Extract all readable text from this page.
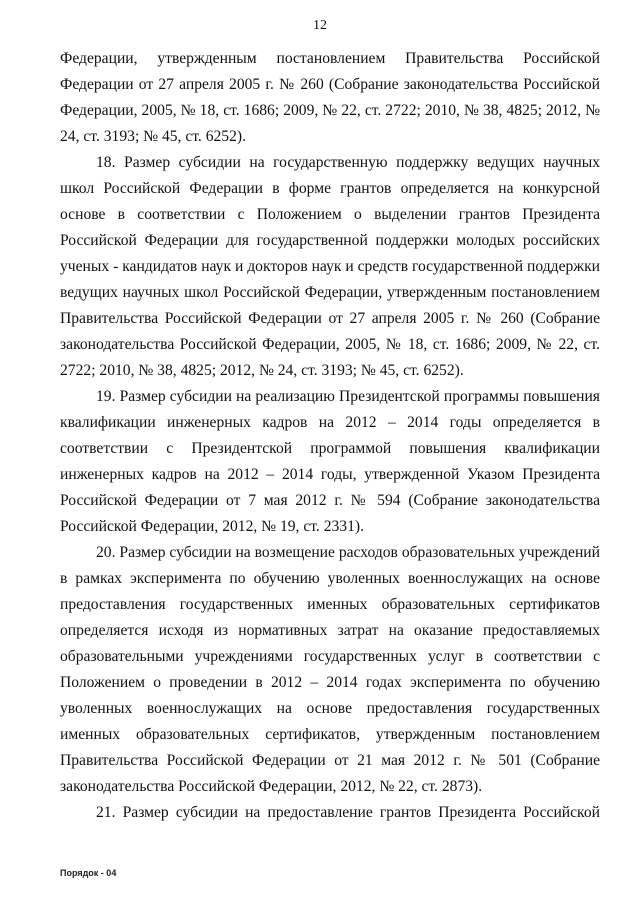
12

Федерации, утвержденным постановлением Правительства Российской Федерации от 27 апреля 2005 г. № 260 (Собрание законодательства Российской Федерации, 2005, № 18, ст. 1686; 2009, № 22, ст. 2722; 2010, № 38, 4825; 2012, № 24, ст. 3193; № 45, ст. 6252).

18. Размер субсидии на государственную поддержку ведущих научных школ Российской Федерации в форме грантов определяется на конкурсной основе в соответствии с Положением о выделении грантов Президента Российской Федерации для государственной поддержки молодых российских ученых - кандидатов наук и докторов наук и средств государственной поддержки ведущих научных школ Российской Федерации, утвержденным постановлением Правительства Российской Федерации от 27 апреля 2005 г. № 260 (Собрание законодательства Российской Федерации, 2005, № 18, ст. 1686; 2009, № 22, ст. 2722; 2010, № 38, 4825; 2012, № 24, ст. 3193; № 45, ст. 6252).

19. Размер субсидии на реализацию Президентской программы повышения квалификации инженерных кадров на 2012 – 2014 годы определяется в соответствии с Президентской программой повышения квалификации инженерных кадров на 2012 – 2014 годы, утвержденной Указом Президента Российской Федерации от 7 мая 2012 г. № 594 (Собрание законодательства Российской Федерации, 2012, № 19, ст. 2331).

20. Размер субсидии на возмещение расходов образовательных учреждений в рамках эксперимента по обучению уволенных военнослужащих на основе предоставления государственных именных образовательных сертификатов определяется исходя из нормативных затрат на оказание предоставляемых образовательными учреждениями государственных услуг в соответствии с Положением о проведении в 2012 – 2014 годах эксперимента по обучению уволенных военнослужащих на основе предоставления государственных именных образовательных сертификатов, утвержденным постановлением Правительства Российской Федерации от 21 мая 2012 г. № 501 (Собрание законодательства Российской Федерации, 2012, № 22, ст. 2873).

21. Размер субсидии на предоставление грантов Президента Российской

Порядок - 04
